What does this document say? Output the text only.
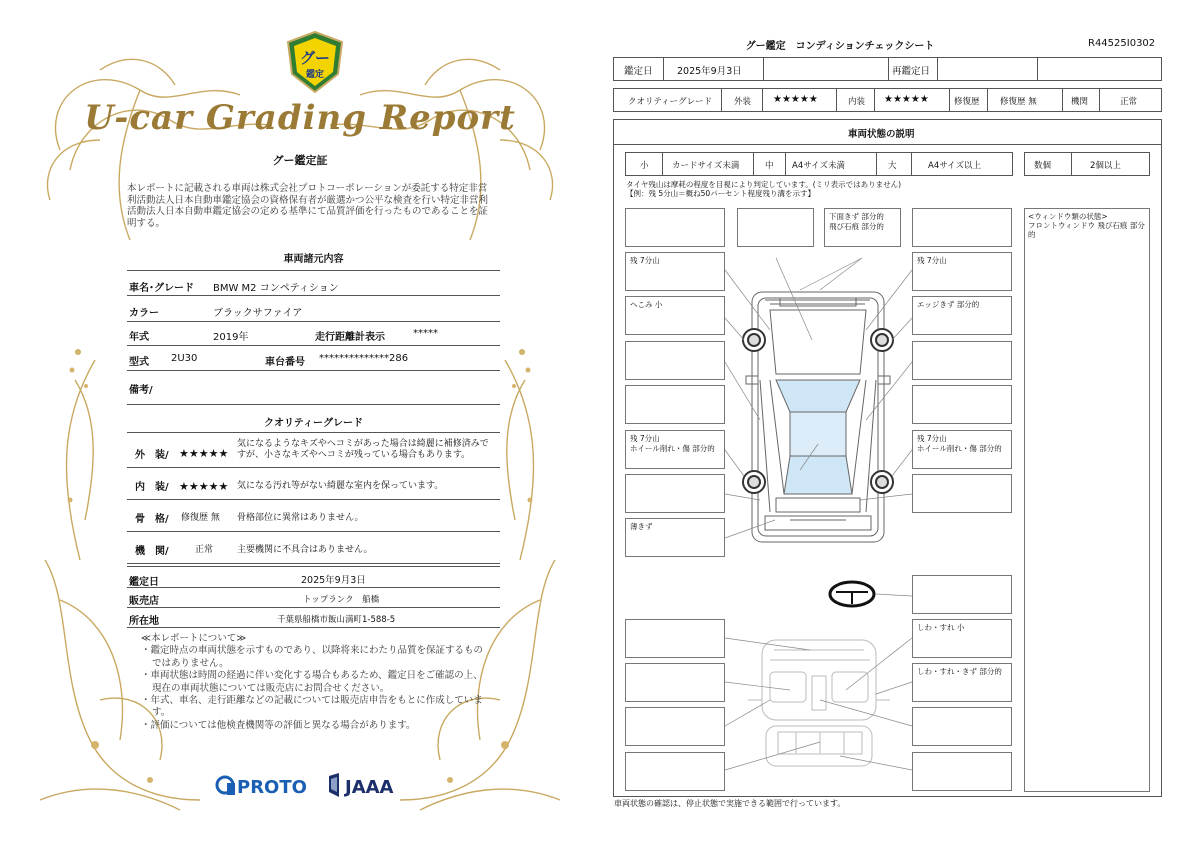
グー
鑑定
U-car Grading Report
グー鑑定証
本レポートに記載される車両は株式会社プロトコーポレーションが委託する特定非営利活動法人日本自動車鑑定協会の資格保有者が厳選かつ公平な検査を行い特定非営利活動法人日本自動車鑑定協会の定める基準にて品質評価を行ったものであることを証明する。
車両諸元内容
車名･グレード BMW M2 コンペティション
カラー	ブラックサファイア
年式	2019年	走行距離計表示	*****
型式 2U30	車台番号 **************286
備考/
クオリティーグレード
外　装/ ★★★★★
気になるようなキズやヘコミがあった場合は綺麗に補修済みですが、小さなキズやヘコミが残っている場合もあります。
内　装/ ★★★★★ 気になる汚れ等がない綺麗な室内を保っています。
骨　格/ 修復歴 無 骨格部位に異常はありません。
機　関/	正常	主要機関に不具合はありません。
鑑定日	2025年9月3日
販売店	トップランク　船橋
所在地	千葉県船橋市飯山満町1-588-5
≪本レポートについて≫
・鑑定時点の車両状態を示すものであり、以降将来にわたり品質を保証するものではありません。
・車両状態は時間の経過に伴い変化する場合もあるため、鑑定日をご確認の上、現在の車両状態については販売店にお問合せください。
・年式、車名、走行距離などの記載については販売店申告をもとに作成しています。
・評価については他検査機関等の評価と異なる場合があります。
PROTO JAAA
グー鑑定　コンディションチェックシート	R44525I0302
鑑定日	2025年9月3日	再鑑定日
クオリティーグレード	外装 ★★★★★	内装 ★★★★★	修復歴 修復歴 無	機関	正常
車両状態の説明
小	カードサイズ未満	中 A4サイズ未満	大	A4サイズ以上	数個	2個以上
タイヤ残山は摩耗の程度を目視により判定しています。(ミリ表示ではありません)
【例：残 5分山＝概ね50パーセント程度残り溝を示す】
残 7分山
へこみ 小
残 7分山
ホイール削れ・傷 部分的
薄きず
下面きず 部分的
飛び石痕 部分的
残 7分山
エッジきず 部分的
残 7分山
ホイール削れ・傷 部分的
しわ・すれ 小
しわ・すれ・きず 部分的
<ウィンドウ類の状態>
フロントウィンドウ 飛び石痕 部分的
車両状態の確認は、停止状態で実施できる範囲で行っています。
